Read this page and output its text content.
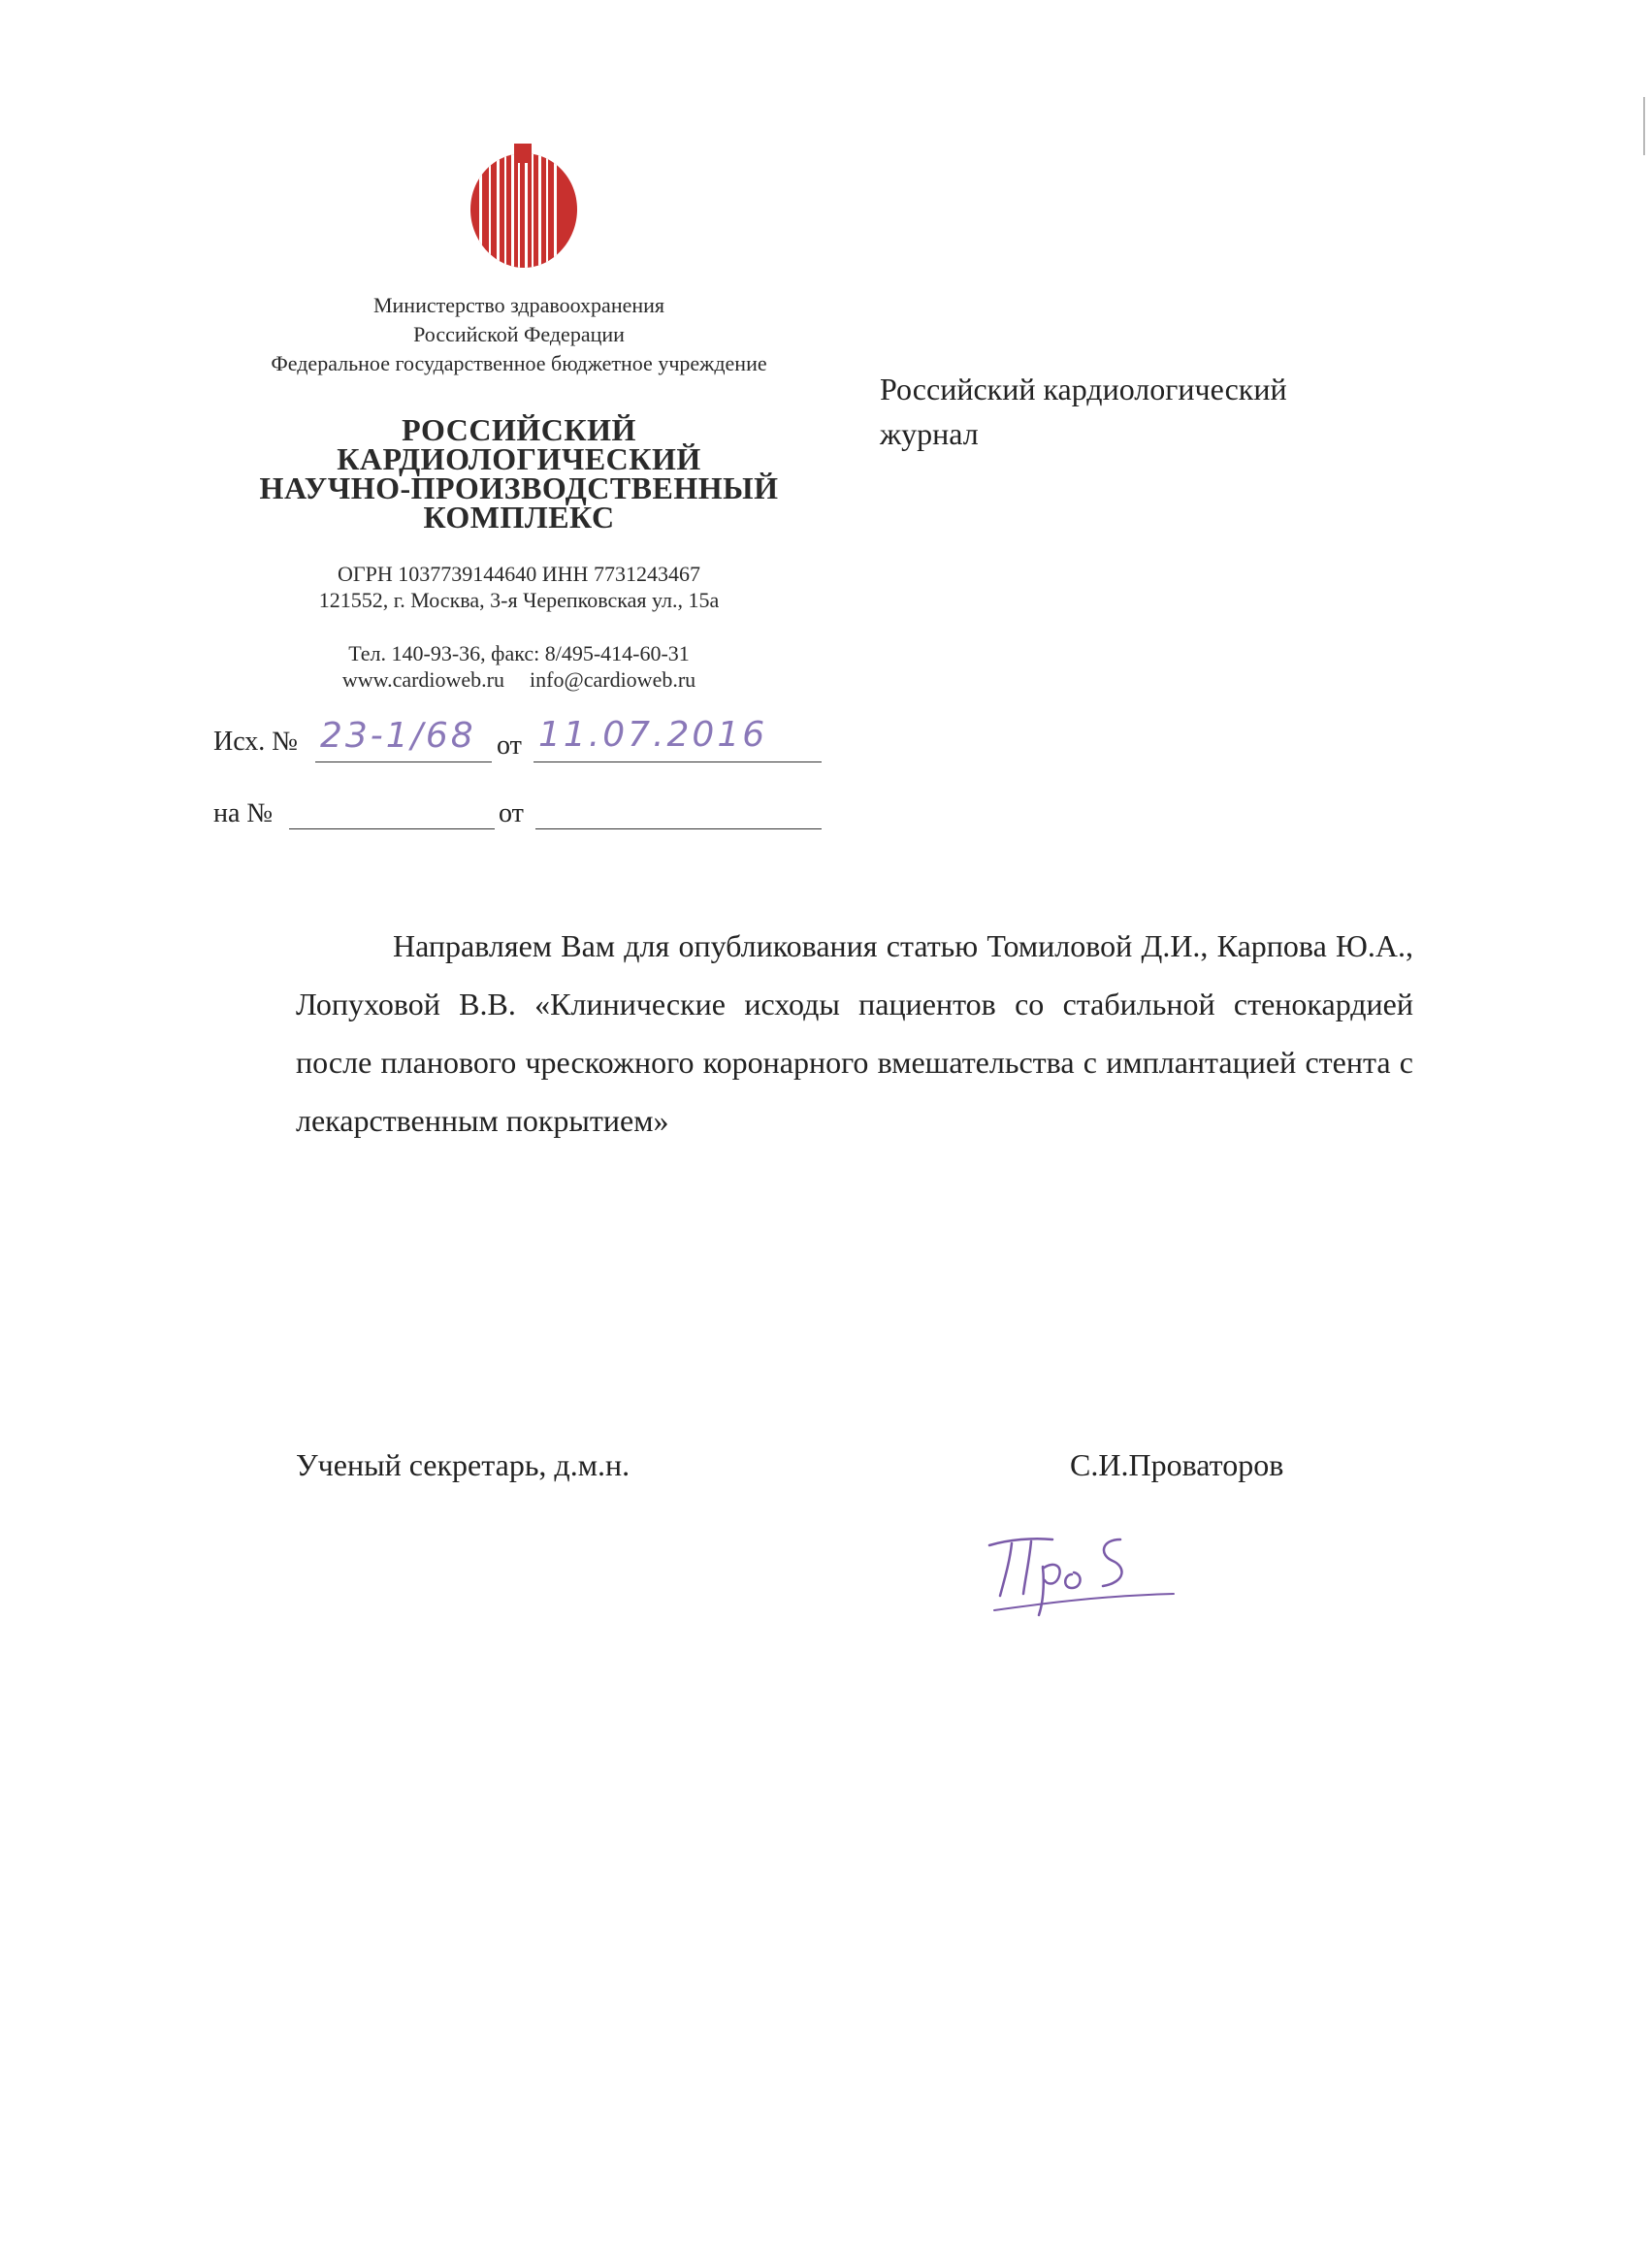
Министерство здравоохранения
Российской Федерации
Федеральное государственное бюджетное учреждение
РОССИЙСКИЙ
КАРДИОЛОГИЧЕСКИЙ
НАУЧНО-ПРОИЗВОДСТВЕННЫЙ
КОМПЛЕКС
ОГРН 1037739144640 ИНН 7731243467
121552, г. Москва, 3-я Черепковская ул., 15а
Тел. 140-93-36, факс: 8/495-414-60-31
www.cardioweb.ru info@cardioweb.ru
Исх. № 23-1/68 от 11.07.2016
на №	от
Российский кардиологический
журнал
Направляем Вам для опубликования статью Томиловой Д.И., Карпова Ю.А., Лопуховой В.В. «Клинические исходы пациентов со стабильной стенокардией после планового чрескожного коронарного вмешательства с имплантацией стента с лекарственным покрытием»
Ученый секретарь, д.м.н.	С.И.Проваторов
